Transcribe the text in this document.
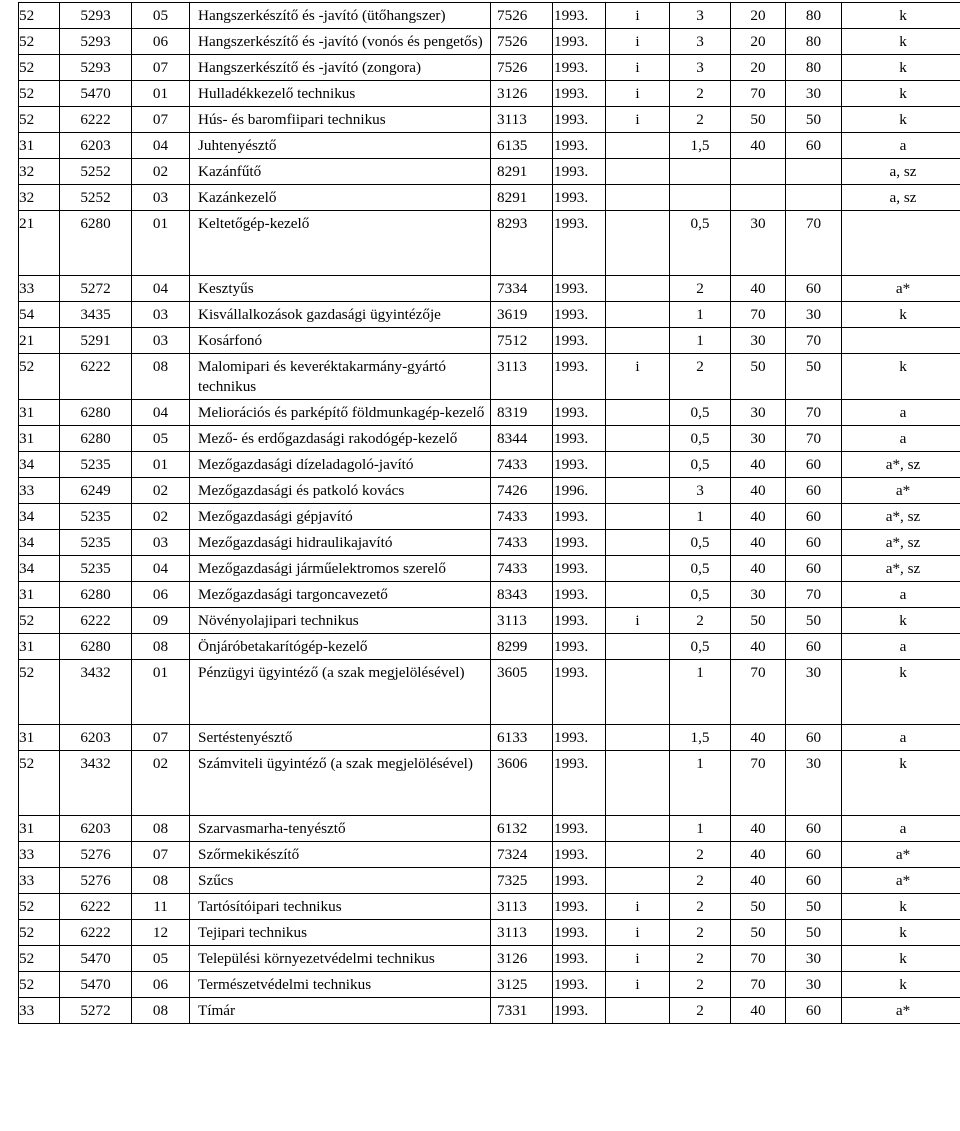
52	5293	05	Hangszerkészítő és -javító (ütőhangszer)	7526	1993.	i	3	20	80	k
52	5293	06	Hangszerkészítő és -javító (vonós és pengetős)	7526	1993.	i	3	20	80	k
52	5293	07	Hangszerkészítő és -javító (zongora)	7526	1993.	i	3	20	80	k
52	5470	01	Hulladékkezelő technikus	3126	1993.	i	2	70	30	k
52	6222	07	Hús- és baromfiipari technikus	3113	1993.	i	2	50	50	k
31	6203	04	Juhtenyésztő	6135	1993.		1,5	40	60	a
32	5252	02	Kazánfűtő	8291	1993.					a, sz
32	5252	03	Kazánkezelő	8291	1993.					a, sz
21	6280	01	Keltetőgép-kezelő	8293	1993.		0,5	30	70	
33	5272	04	Kesztyűs	7334	1993.		2	40	60	a*
54	3435	03	Kisvállalkozások gazdasági ügyintézője	3619	1993.		1	70	30	k
21	5291	03	Kosárfonó	7512	1993.		1	30	70	
52	6222	08	Malomipari és keveréktakarmány-gyártó technikus	3113	1993.	i	2	50	50	k
31	6280	04	Meliorációs és parképítő földmunkagép-kezelő	8319	1993.		0,5	30	70	a
31	6280	05	Mező- és erdőgazdasági rakodógép-kezelő	8344	1993.		0,5	30	70	a
34	5235	01	Mezőgazdasági dízeladagoló-javító	7433	1993.		0,5	40	60	a*, sz
33	6249	02	Mezőgazdasági és patkoló kovács	7426	1996.		3	40	60	a*
34	5235	02	Mezőgazdasági gépjavító	7433	1993.		1	40	60	a*, sz
34	5235	03	Mezőgazdasági hidraulikajavító	7433	1993.		0,5	40	60	a*, sz
34	5235	04	Mezőgazdasági járműelektromos szerelő	7433	1993.		0,5	40	60	a*, sz
31	6280	06	Mezőgazdasági targoncavezető	8343	1993.		0,5	30	70	a
52	6222	09	Növényolajipari technikus	3113	1993.	i	2	50	50	k
31	6280	08	Önjáróbetakarítógép-kezelő	8299	1993.		0,5	40	60	a
52	3432	01	Pénzügyi ügyintéző (a szak megjelölésével)	3605	1993.		1	70	30	k
31	6203	07	Sertéstenyésztő	6133	1993.		1,5	40	60	a
52	3432	02	Számviteli ügyintéző (a szak megjelölésével)	3606	1993.		1	70	30	k
31	6203	08	Szarvasmarha-tenyésztő	6132	1993.		1	40	60	a
33	5276	07	Szőrmekikészítő	7324	1993.		2	40	60	a*
33	5276	08	Szűcs	7325	1993.		2	40	60	a*
52	6222	11	Tartósítóipari technikus	3113	1993.	i	2	50	50	k
52	6222	12	Tejipari technikus	3113	1993.	i	2	50	50	k
52	5470	05	Települési környezetvédelmi technikus	3126	1993.	i	2	70	30	k
52	5470	06	Természetvédelmi technikus	3125	1993.	i	2	70	30	k
33	5272	08	Tímár	7331	1993.		2	40	60	a*
